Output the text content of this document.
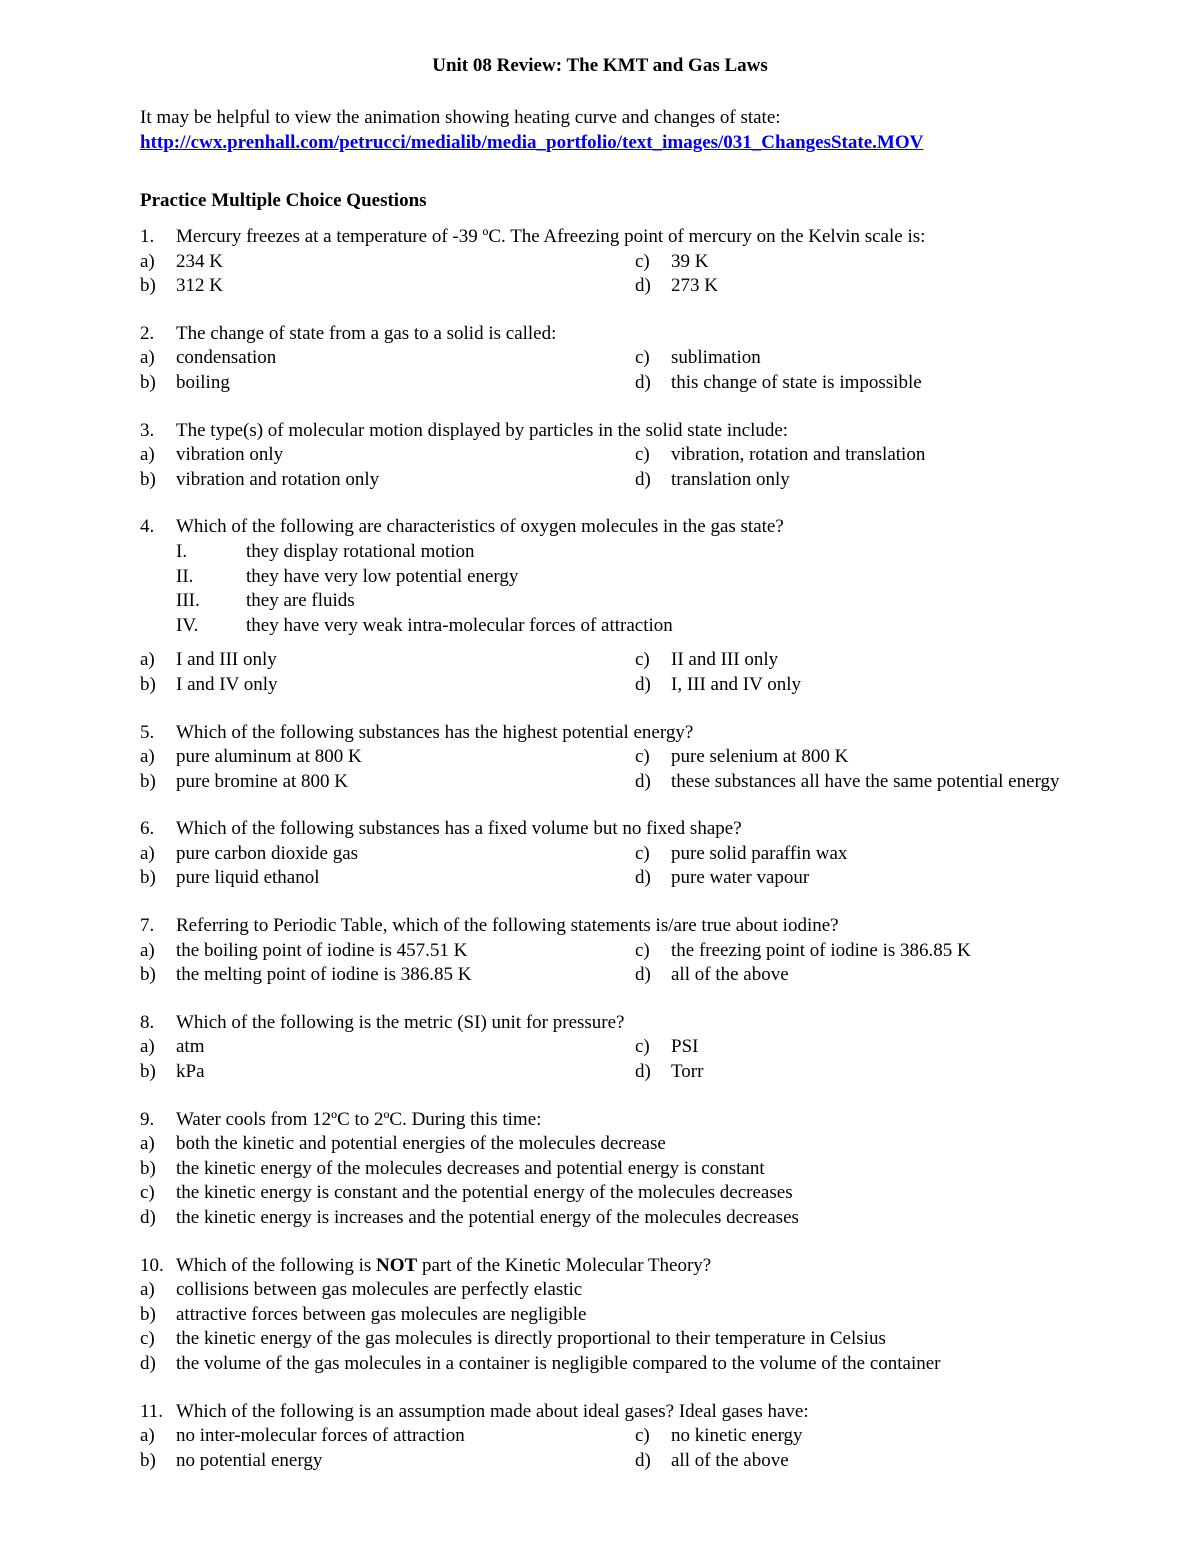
Unit 08 Review: The KMT and Gas Laws
It may be helpful to view the animation showing heating curve and changes of state:
http://cwx.prenhall.com/petrucci/medialib/media_portfolio/text_images/031_ChangesState.MOV
Practice Multiple Choice Questions
1. Mercury freezes at a temperature of -39 ºC. The Afreezing point of mercury on the Kelvin scale is:
a) 234 K	c) 39 K
b) 312 K	d) 273 K
2. The change of state from a gas to a solid is called:
a) condensation	c) sublimation
b) boiling	d) this change of state is impossible
3. The type(s) of molecular motion displayed by particles in the solid state include:
a) vibration only	c) vibration, rotation and translation
b) vibration and rotation only	d) translation only
4. Which of the following are characteristics of oxygen molecules in the gas state?
I.	they display rotational motion
II.	they have very low potential energy
III. they are fluids
IV.	they have very weak intra-molecular forces of attraction
a) I and III only	c) II and III only
b) I and IV only	d) I, III and IV only
5. Which of the following substances has the highest potential energy?
a) pure aluminum at 800 K	c) pure selenium at 800 K
b) pure bromine at 800 K	d) these substances all have the same potential energy
6. Which of the following substances has a fixed volume but no fixed shape?
a) pure carbon dioxide gas	c) pure solid paraffin wax
b) pure liquid ethanol	d) pure water vapour
7. Referring to Periodic Table, which of the following statements is/are true about iodine?
a) the boiling point of iodine is 457.51 K	c) the freezing point of iodine is 386.85 K
b) the melting point of iodine is 386.85 K	d) all of the above
8. Which of the following is the metric (SI) unit for pressure?
a) atm	c) PSI
b) kPa	d) Torr
9. Water cools from 12ºC to 2ºC. During this time:
a) both the kinetic and potential energies of the molecules decrease
b) the kinetic energy of the molecules decreases and potential energy is constant
c) the kinetic energy is constant and the potential energy of the molecules decreases
d) the kinetic energy is increases and the potential energy of the molecules decreases
10. Which of the following is NOT part of the Kinetic Molecular Theory?
a) collisions between gas molecules are perfectly elastic
b) attractive forces between gas molecules are negligible
c) the kinetic energy of the gas molecules is directly proportional to their temperature in Celsius
d) the volume of the gas molecules in a container is negligible compared to the volume of the container
11. Which of the following is an assumption made about ideal gases? Ideal gases have:
a) no inter-molecular forces of attraction	c) no kinetic energy
b) no potential energy	d) all of the above
